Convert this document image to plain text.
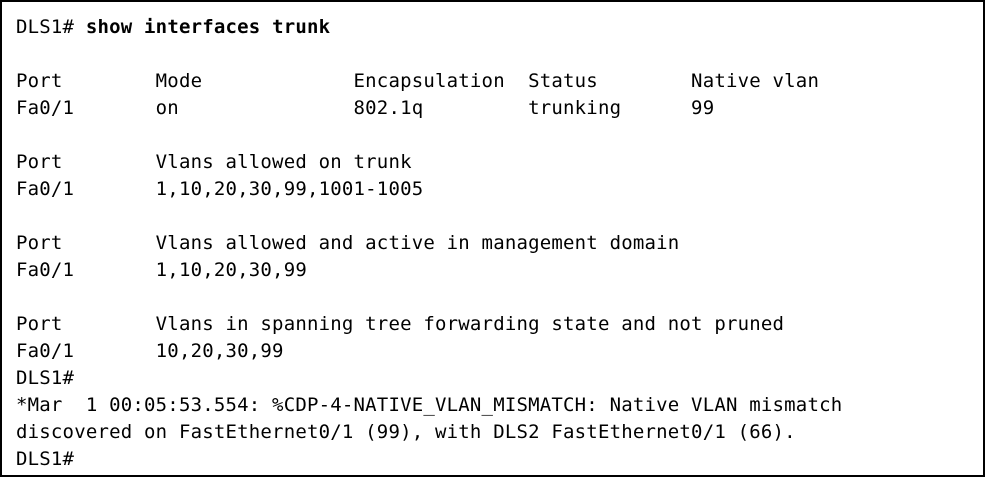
DLS1# show interfaces trunk
Port        Mode             Encapsulation  Status        Native vlan
Fa0/1       on               802.1q         trunking      99
Port        Vlans allowed on trunk
Fa0/1       1,10,20,30,99,1001-1005
Port        Vlans allowed and active in management domain
Fa0/1       1,10,20,30,99
Port        Vlans in spanning tree forwarding state and not pruned
Fa0/1       10,20,30,99
DLS1#
*Mar  1 00:05:53.554: %CDP-4-NATIVE_VLAN_MISMATCH: Native VLAN mismatch
discovered on FastEthernet0/1 (99), with DLS2 FastEthernet0/1 (66).
DLS1#
